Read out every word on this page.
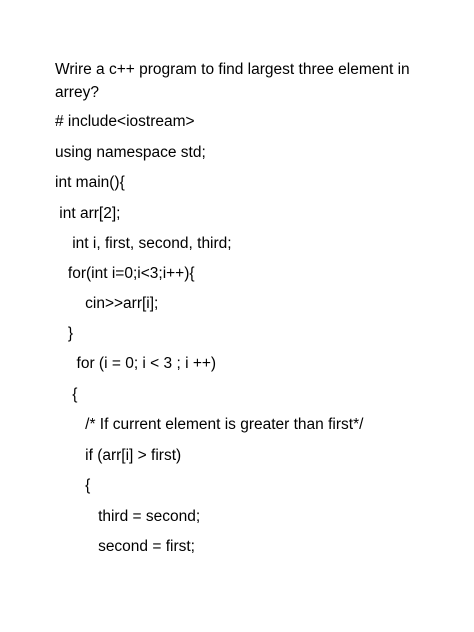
Wrire a c++ program to find largest three element in
arrey?
# include<iostream>
using namespace std;
int main(){
int arr[2];
int i, first, second, third;
for(int i=0;i<3;i++){
cin>>arr[i];
}
for (i = 0; i < 3 ; i ++)
{
/* If current element is greater than first*/
if (arr[i] > first)
{
third = second;
second = first;
